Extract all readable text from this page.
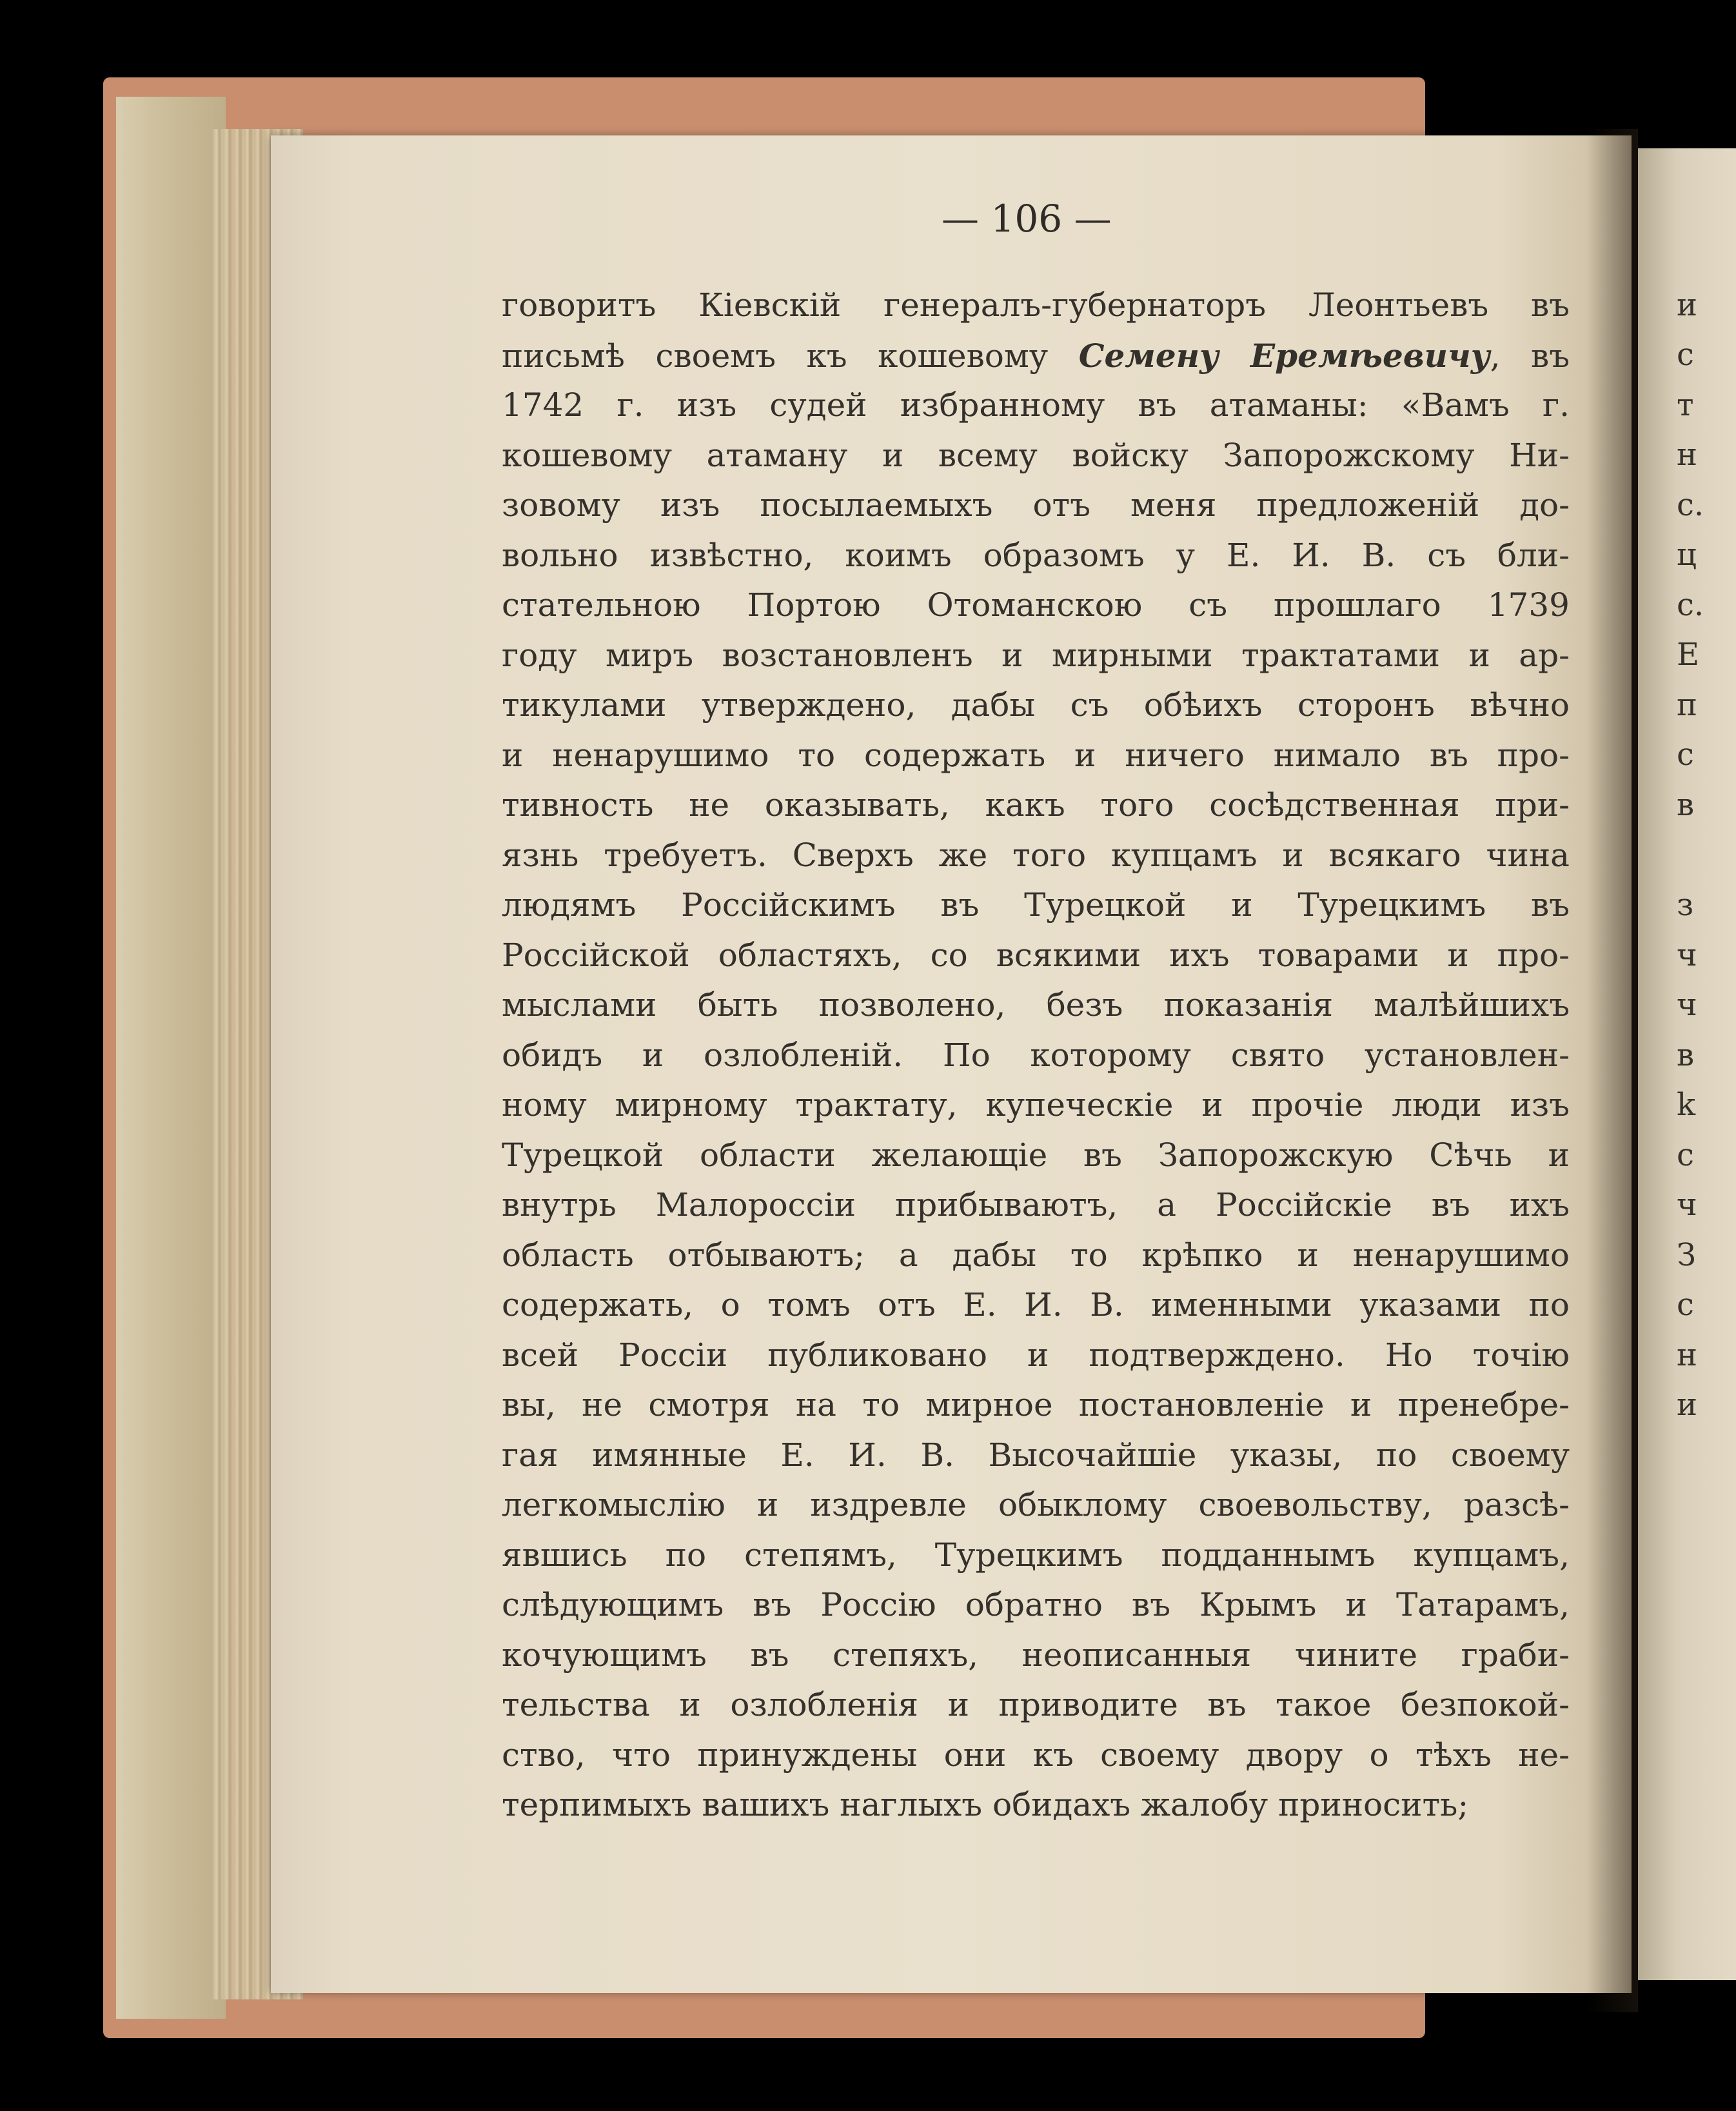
— 106 —
говоритъ Кіевскій генералъ-губернаторъ Леонтьевъ въ
письмѣ своемъ къ кошевому Семену Еремѣевичу, въ
1742 г. изъ судей избранному въ атаманы: «Вамъ г.
кошевому атаману и всему войску Запорожскому Ни-
зовому изъ посылаемыхъ отъ меня предложеній до-
вольно извѣстно, коимъ образомъ у Е. И. В. съ бли-
стательною Портою Отоманскою съ прошлаго 1739
году миръ возстановленъ и мирными трактатами и ар-
тикулами утверждено, дабы съ обѣихъ сторонъ вѣчно
и ненарушимо то содержать и ничего нимало въ про-
тивность не оказывать, какъ того сосѣдственная при-
язнь требуетъ. Сверхъ же того купцамъ и всякаго чина
людямъ Россійскимъ въ Турецкой и Турецкимъ въ
Россійской областяхъ, со всякими ихъ товарами и про-
мыслами быть позволено, безъ показанія малѣйшихъ
обидъ и озлобленій. По которому свято установлен-
ному мирному трактату, купеческіе и прочіе люди изъ
Турецкой области желающіе въ Запорожскую Сѣчь и
внутрь Малороссіи прибываютъ, а Россійскіе въ ихъ
область отбываютъ; а дабы то крѣпко и ненарушимо
содержать, о томъ отъ Е. И. В. именными указами по
всей Россіи публиковано и подтверждено. Но точію
вы, не смотря на то мирное постановленіе и пренебре-
гая имянные Е. И. В. Высочайшіе указы, по своему
легкомыслію и издревле обыклому своевольству, разсѣ-
явшись по степямъ, Турецкимъ подданнымъ купцамъ,
слѣдующимъ въ Россію обратно въ Крымъ и Татарамъ,
кочующимъ въ степяхъ, неописанныя чините граби-
тельства и озлобленія и приводите въ такое безпокой-
ство, что принуждены они къ своему двору о тѣхъ не-
терпимыхъ вашихъ наглыхъ обидахъ жалобу приносить;
и
с
т
н
с.
ц
с.
Е
п
с
в
з
ч
ч
в
k
с
ч
З
с
н
и
